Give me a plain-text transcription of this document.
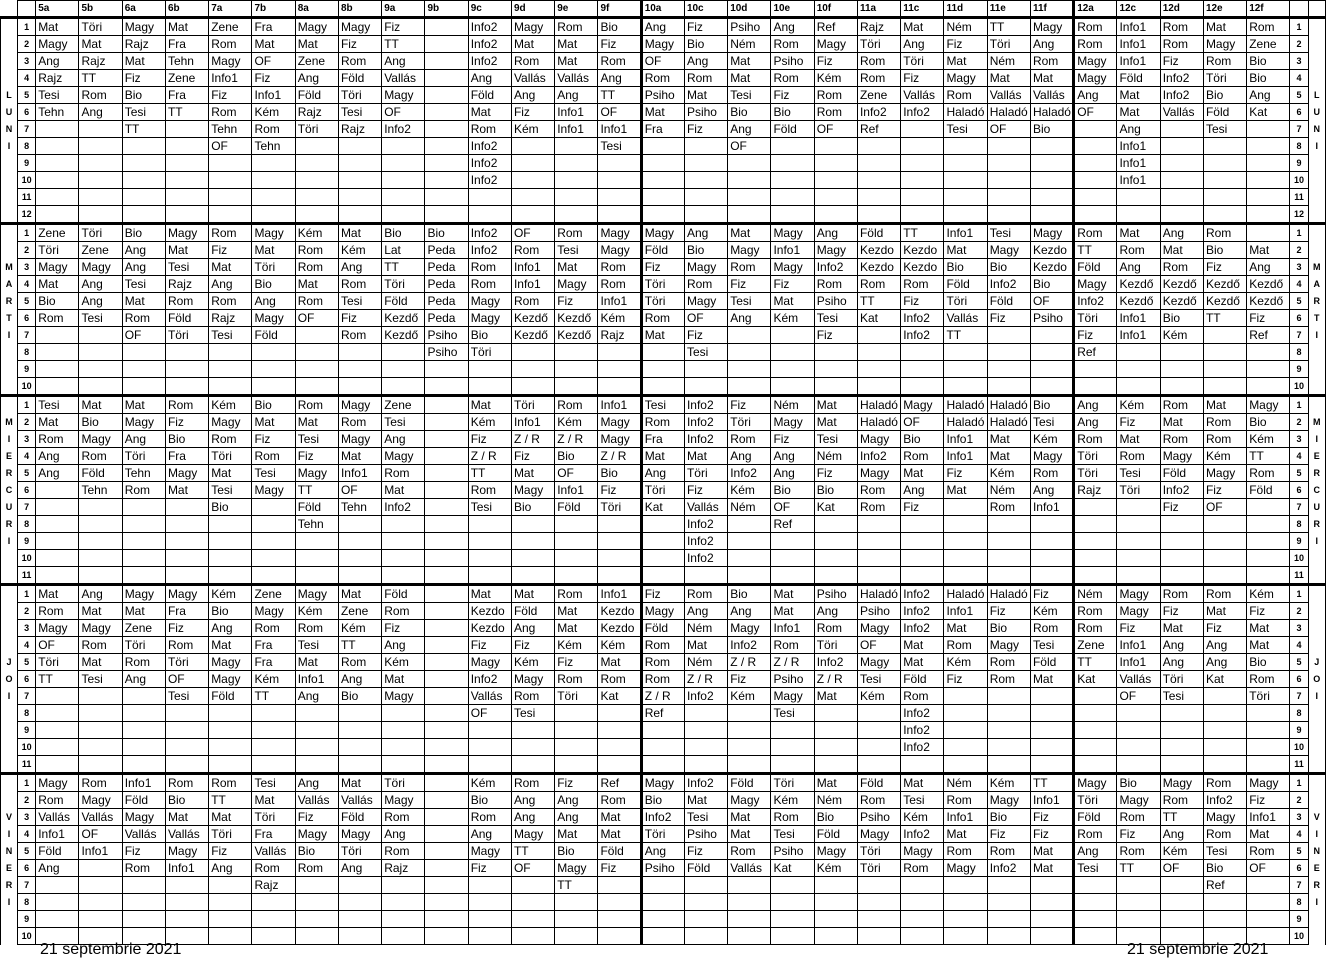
		5a	5b	6a	6b	7a	7b	8a	8b	9a	9b	9c	9d	9e	9f	10a	10c	10d	10e	10f	11a	11c	11d	11e	11f	12a	12c	12d	12e	12f		
	1	Mat	Töri	Magy	Mat	Zene	Fra	Magy	Magy	Fiz		Info2	Magy	Rom	Bio	Ang	Fiz	Psiho	Ang	Ref	Rajz	Mat	Ném	TT	Magy	Rom	Info1	Rom	Mat	Rom	1	
	2	Magy	Mat	Rajz	Fra	Rom	Mat	Mat	Fiz	TT		Info2	Mat	Mat	Fiz	Magy	Bio	Ném	Rom	Magy	Töri	Ang	Fiz	Töri	Ang	Rom	Info1	Rom	Magy	Zene	2	
	3	Ang	Rajz	Mat	Tehn	Magy	OF	Zene	Rom	Ang		Info2	Rom	Mat	Rom	OF	Ang	Mat	Psiho	Fiz	Rom	Töri	Mat	Ném	Rom	Magy	Info1	Fiz	Rom	Bio	3	
	4	Rajz	TT	Fiz	Zene	Info1	Fiz	Ang	Föld	Vallás		Ang	Vallás	Vallás	Ang	Rom	Rom	Mat	Rom	Kém	Rom	Fiz	Magy	Mat	Mat	Magy	Föld	Info2	Töri	Bio	4	
L	5	Tesi	Rom	Bio	Fra	Fiz	Info1	Föld	Töri	Magy		Föld	Ang	Ang	TT	Psiho	Mat	Tesi	Fiz	Rom	Zene	Vallás	Rom	Vallás	Vallás	Ang	Mat	Info2	Bio	Ang	5	L
U	6	Tehn	Ang	Tesi	TT	Rom	Kém	Rajz	Tesi	OF		Mat	Fiz	Info1	OF	Mat	Psiho	Bio	Bio	Rom	Info2	Info2	Haladó	Haladó	Haladó	OF	Mat	Vallás	Föld	Kat	6	U
N	7			TT		Tehn	Rom	Töri	Rajz	Info2		Rom	Kém	Info1	Info1	Fra	Fiz	Ang	Föld	OF	Ref		Tesi	OF	Bio		Ang		Tesi		7	N
I	8					OF	Tehn					Info2			Tesi			OF									Info1				8	I
	9											Info2															Info1				9	
	10											Info2															Info1				10	
	11																														11	
	12																														12	
	1	Zene	Töri	Bio	Magy	Rom	Magy	Kém	Mat	Bio	Bio	Info2	OF	Rom	Magy	Magy	Ang	Mat	Magy	Ang	Föld	TT	Info1	Tesi	Magy	Rom	Mat	Ang	Rom		1	
	2	Töri	Zene	Ang	Mat	Fiz	Mat	Rom	Kém	Lat	Peda	Info2	Rom	Tesi	Magy	Föld	Bio	Magy	Info1	Magy	Kezdo	Kezdo	Mat	Magy	Kezdo	TT	Rom	Mat	Bio	Mat	2	
M	3	Magy	Magy	Ang	Tesi	Mat	Töri	Rom	Ang	TT	Peda	Rom	Info1	Mat	Rom	Fiz	Magy	Rom	Magy	Info2	Kezdo	Kezdo	Bio	Bio	Kezdo	Föld	Ang	Rom	Fiz	Ang	3	M
A	4	Mat	Ang	Tesi	Rajz	Ang	Bio	Mat	Rom	Töri	Peda	Rom	Info1	Magy	Rom	Töri	Rom	Fiz	Fiz	Rom	Rom	Rom	Föld	Info2	Bio	Magy	Kezdő	Kezdő	Kezdő	Kezdő	4	A
R	5	Bio	Ang	Mat	Rom	Rom	Ang	Rom	Tesi	Föld	Peda	Magy	Rom	Fiz	Info1	Töri	Magy	Tesi	Mat	Psiho	TT	Fiz	Töri	Föld	OF	Info2	Kezdő	Kezdő	Kezdő	Kezdő	5	R
T	6	Rom	Tesi	Rom	Föld	Rajz	Magy	OF	Fiz	Kezdő	Peda	Magy	Kezdő	Kezdő	Kém	Rom	OF	Ang	Kém	Tesi	Kat	Info2	Vallás	Fiz	Psiho	Töri	Info1	Bio	TT	Fiz	6	T
I	7			OF	Töri	Tesi	Föld		Rom	Kezdő	Psiho	Bio	Kezdő	Kezdő	Rajz	Mat	Fiz			Fiz		Info2	TT			Fiz	Info1	Kém		Ref	7	I
	8										Psiho	Töri					Tesi									Ref					8	
	9																														9	
	10																														10	
	1	Tesi	Mat	Mat	Rom	Kém	Bio	Rom	Magy	Zene		Mat	Töri	Rom	Info1	Tesi	Info2	Fiz	Ném	Mat	Haladó	Magy	Haladó	Haladó	Bio	Ang	Kém	Rom	Mat	Magy	1	
M	2	Mat	Bio	Magy	Fiz	Magy	Mat	Mat	Rom	Tesi		Kém	Info1	Kém	Magy	Rom	Info2	Töri	Magy	Mat	Haladó	OF	Haladó	Haladó	Tesi	Ang	Fiz	Mat	Rom	Bio	2	M
I	3	Rom	Magy	Ang	Bio	Rom	Fiz	Tesi	Magy	Ang		Fiz	Z / R	Z / R	Magy	Fra	Info2	Rom	Fiz	Tesi	Magy	Bio	Info1	Mat	Kém	Rom	Mat	Rom	Rom	Kém	3	I
E	4	Ang	Rom	Töri	Fra	Töri	Rom	Fiz	Mat	Magy		Z / R	Fiz	Bio	Z / R	Mat	Mat	Ang	Ang	Ném	Info2	Rom	Info1	Mat	Magy	Töri	Rom	Magy	Kém	TT	4	E
R	5	Ang	Föld	Tehn	Magy	Mat	Tesi	Magy	Info1	Rom		TT	Mat	OF	Bio	Ang	Töri	Info2	Ang	Fiz	Magy	Mat	Fiz	Kém	Rom	Töri	Tesi	Föld	Magy	Rom	5	R
C	6		Tehn	Rom	Mat	Tesi	Magy	TT	OF	Mat		Rom	Magy	Info1	Fiz	Töri	Fiz	Kém	Bio	Bio	Rom	Ang	Mat	Ném	Ang	Rajz	Töri	Info2	Fiz	Föld	6	C
U	7					Bio		Föld	Tehn	Info2		Tesi	Bio	Föld	Töri	Kat	Vallás	Ném	OF	Kat	Rom	Fiz		Rom	Info1			Fiz	OF		7	U
R	8							Tehn									Info2		Ref												8	R
I	9																Info2														9	I
	10																Info2														10	
	11																														11	
	1	Mat	Ang	Magy	Magy	Kém	Zene	Magy	Mat	Föld		Mat	Mat	Rom	Info1	Fiz	Rom	Bio	Mat	Psiho	Haladó	Info2	Haladó	Haladó	Fiz	Ném	Magy	Rom	Rom	Kém	1	
	2	Rom	Mat	Mat	Fra	Bio	Magy	Kém	Zene	Rom		Kezdo	Föld	Mat	Kezdo	Magy	Ang	Ang	Mat	Ang	Psiho	Info2	Info1	Fiz	Kém	Rom	Magy	Fiz	Mat	Fiz	2	
	3	Magy	Magy	Zene	Fiz	Ang	Rom	Rom	Kém	Fiz		Kezdo	Ang	Mat	Kezdo	Föld	Ném	Magy	Info1	Rom	Magy	Info2	Mat	Bio	Rom	Rom	Fiz	Mat	Fiz	Mat	3	
	4	OF	Rom	Töri	Rom	Mat	Fra	Tesi	TT	Ang		Fiz	Fiz	Kém	Kém	Rom	Mat	Info2	Rom	Töri	OF	Mat	Rom	Magy	Tesi	Zene	Info1	Ang	Ang	Mat	4	
J	5	Töri	Mat	Rom	Töri	Magy	Fra	Mat	Rom	Kém		Magy	Kém	Fiz	Mat	Rom	Ném	Z / R	Z / R	Info2	Magy	Mat	Kém	Rom	Föld	TT	Info1	Ang	Ang	Bio	5	J
O	6	TT	Tesi	Ang	OF	Magy	Kém	Info1	Ang	Mat		Info2	Magy	Rom	Rom	Rom	Z / R	Fiz	Psiho	Z / R	Tesi	Föld	Fiz	Rom	Mat	Kat	Vallás	Töri	Kat	Rom	6	O
I	7				Tesi	Föld	TT	Ang	Bio	Magy		Vallás	Rom	Töri	Kat	Z / R	Info2	Kém	Magy	Mat	Kém	Rom					OF	Tesi		Töri	7	I
	8											OF	Tesi			Ref			Tesi			Info2									8	
	9																					Info2									9	
	10																					Info2									10	
	11																														11	
	1	Magy	Rom	Info1	Rom	Rom	Tesi	Ang	Mat	Töri		Kém	Rom	Fiz	Ref	Magy	Info2	Föld	Töri	Mat	Föld	Mat	Ném	Kém	TT	Magy	Bio	Magy	Rom	Magy	1	
	2	Rom	Magy	Föld	Bio	TT	Mat	Vallás	Vallás	Magy		Bio	Ang	Ang	Rom	Bio	Mat	Magy	Kém	Ném	Rom	Tesi	Rom	Magy	Info1	Töri	Magy	Rom	Info2	Fiz	2	
V	3	Vallás	Vallás	Magy	Mat	Mat	Töri	Fiz	Föld	Rom		Rom	Ang	Ang	Mat	Info2	Tesi	Mat	Rom	Bio	Psiho	Kém	Info1	Bio	Fiz	Föld	Rom	TT	Magy	Info1	3	V
I	4	Info1	OF	Vallás	Vallás	Töri	Fra	Magy	Magy	Ang		Ang	Magy	Mat	Mat	Töri	Psiho	Mat	Tesi	Föld	Magy	Info2	Mat	Fiz	Fiz	Rom	Fiz	Ang	Rom	Mat	4	I
N	5	Föld	Info1	Fiz	Magy	Fiz	Vallás	Bio	Töri	Rom		Magy	TT	Bio	Föld	Ang	Fiz	Rom	Psiho	Magy	Töri	Magy	Rom	Rom	Mat	Ang	Rom	Kém	Tesi	Rom	5	N
E	6	Ang		Rom	Info1	Ang	Rom	Rom	Ang	Rajz		Fiz	OF	Magy	Fiz	Psiho	Föld	Vallás	Kat	Kém	Töri	Rom	Magy	Info2	Mat	Tesi	TT	OF	Bio	OF	6	E
R	7						Rajz							TT															Ref		7	R
I	8																														8	I
	9																														9	
	10																														10	
21 septembrie 2021	21 septembrie 2021
